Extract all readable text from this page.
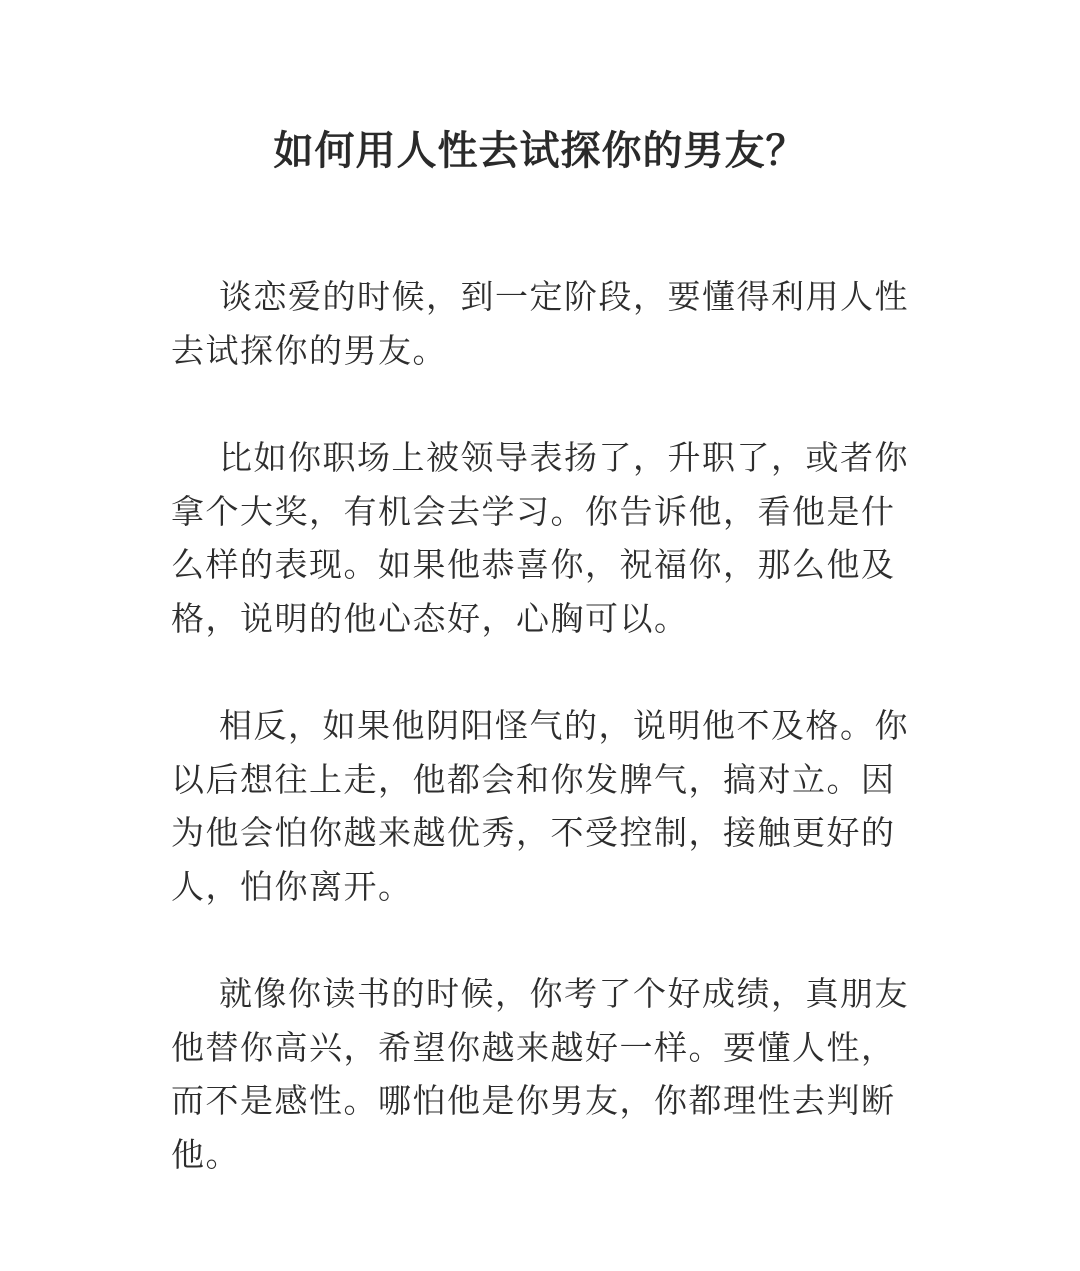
如何用人性去试探你的男友？

谈恋爱的时候，到一定阶段，要懂得利用人性去试探你的男友。

比如你职场上被领导表扬了，升职了，或者你拿个大奖，有机会去学习。你告诉他，看他是什么样的表现。如果他恭喜你，祝福你，那么他及格，说明的他心态好，心胸可以。

相反，如果他阴阳怪气的，说明他不及格。你以后想往上走，他都会和你发脾气，搞对立。因为他会怕你越来越优秀，不受控制，接触更好的人，怕你离开。

就像你读书的时候，你考了个好成绩，真朋友他替你高兴，希望你越来越好一样。要懂人性，而不是感性。哪怕他是你男友，你都理性去判断他。
